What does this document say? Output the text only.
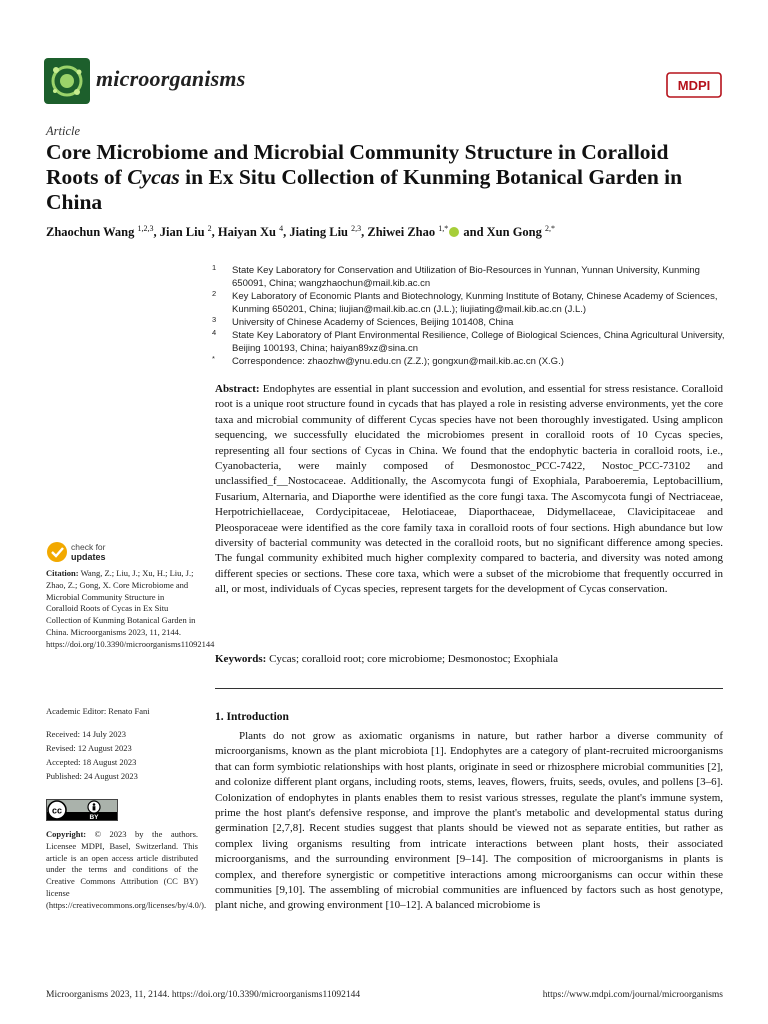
microorganisms	MDPI
Article
Core Microbiome and Microbial Community Structure in Coralloid Roots of Cycas in Ex Situ Collection of Kunming Botanical Garden in China
Zhaochun Wang $^{1,2,3}$, Jian Liu $^2$, Haiyan Xu $^4$, Jiating Liu $^{2,3}$, Zhiwei Zhao $^{1,*}$ and Xun Gong $^{2,*}$
1 State Key Laboratory for Conservation and Utilization of Bio-Resources in Yunnan, Yunnan University, Kunming 650091, China; wangzhaochun@mail.kib.ac.cn
2 Key Laboratory of Economic Plants and Biotechnology, Kunming Institute of Botany, Chinese Academy of Sciences, Kunming 650201, China; liujian@mail.kib.ac.cn (J.L.); liujiating@mail.kib.ac.cn (J.L.)
3 University of Chinese Academy of Sciences, Beijing 101408, China
4 State Key Laboratory of Plant Environmental Resilience, College of Biological Sciences, China Agricultural University, Beijing 100193, China; haiyan89xz@sina.cn
* Correspondence: zhaozhw@ynu.edu.cn (Z.Z.); gongxun@mail.kib.ac.cn (X.G.)
Abstract: Endophytes are essential in plant succession and evolution, and essential for stress resistance. Coralloid root is a unique root structure found in cycads that has played a role in resisting adverse environments, yet the core taxa and microbial community of different Cycas species have not been thoroughly investigated. Using amplicon sequencing, we successfully elucidated the microbiomes present in coralloid roots of 10 Cycas species, representing all four sections of Cycas in China. We found that the endophytic bacteria in coralloid roots, i.e., Cyanobacteria, were mainly composed of Desmonostoc_PCC-7422, Nostoc_PCC-73102 and unclassified_f__Nostocaceae. Additionally, the Ascomycota fungi of Exophiala, Paraboeremia, Leptobacillium, Fusarium, Alternaria, and Diaporthe were identified as the core fungi taxa. The Ascomycota fungi of Nectriaceae, Herpotrichiellaceae, Cordycipitaceae, Helotiaceae, Diaporthaceae, Didymellaceae, Clavicipitaceae and Pleosporaceae were identified as the core family taxa in coralloid roots of four sections. High abundance but low diversity of bacterial community was detected in the coralloid roots, but no significant difference among species. The fungal community exhibited much higher complexity compared to bacteria, and diversity was noted among different species or sections. These core taxa, which were a subset of the microbiome that frequently occurred in all, or most, individuals of Cycas species, represent targets for the development of Cycas conservation.
Keywords: Cycas; coralloid root; core microbiome; Desmonostoc; Exophiala
check for
updates
Citation: Wang, Z.; Liu, J.; Xu, H.; Liu, J.; Zhao, Z.; Gong, X. Core Microbiome and Microbial Community Structure in Coralloid Roots of Cycas in Ex Situ Collection of Kunming Botanical Garden in China. Microorganisms 2023, 11, 2144. https://doi.org/10.3390/microorganisms11092144
Academic Editor: Renato Fani
Received: 14 July 2023
Revised: 12 August 2023
Accepted: 18 August 2023
Published: 24 August 2023
cc
BY
Copyright: © 2023 by the authors. Licensee MDPI, Basel, Switzerland. This article is an open access article distributed under the terms and conditions of the Creative Commons Attribution (CC BY) license (https://creativecommons.org/licenses/by/4.0/).
1. Introduction
Plants do not grow as axiomatic organisms in nature, but rather harbor a diverse community of microorganisms, known as the plant microbiota [1]. Endophytes are a category of plant-recruited microorganisms that can form symbiotic relationships with host plants, originate in seed or rhizosphere microbial communities [2], and colonize different plant organs, including roots, stems, leaves, flowers, fruits, seeds, ovules, and pollens [3–6]. Colonization of endophytes in plants enables them to resist various stresses, regulate the plant's immune system, prime the host plant's defensive response, and improve the plant's metabolic and developmental status during germination [2,7,8]. Recent studies suggest that plants should be viewed not as separate entities, but rather as complex living organisms resulting from intricate interactions between plant hosts, their associated microorganisms, and the surrounding environment [9–14]. The composition of microorganisms in plants is complex, and therefore synergistic or competitive interactions among microorganisms can occur within these communities [9,10]. The assembling of microbial communities are influenced by factors such as host genotype, plant niche, and growing environment [10–12]. A balanced microbiome is
Microorganisms 2023, 11, 2144. https://doi.org/10.3390/microorganisms11092144	https://www.mdpi.com/journal/microorganisms
